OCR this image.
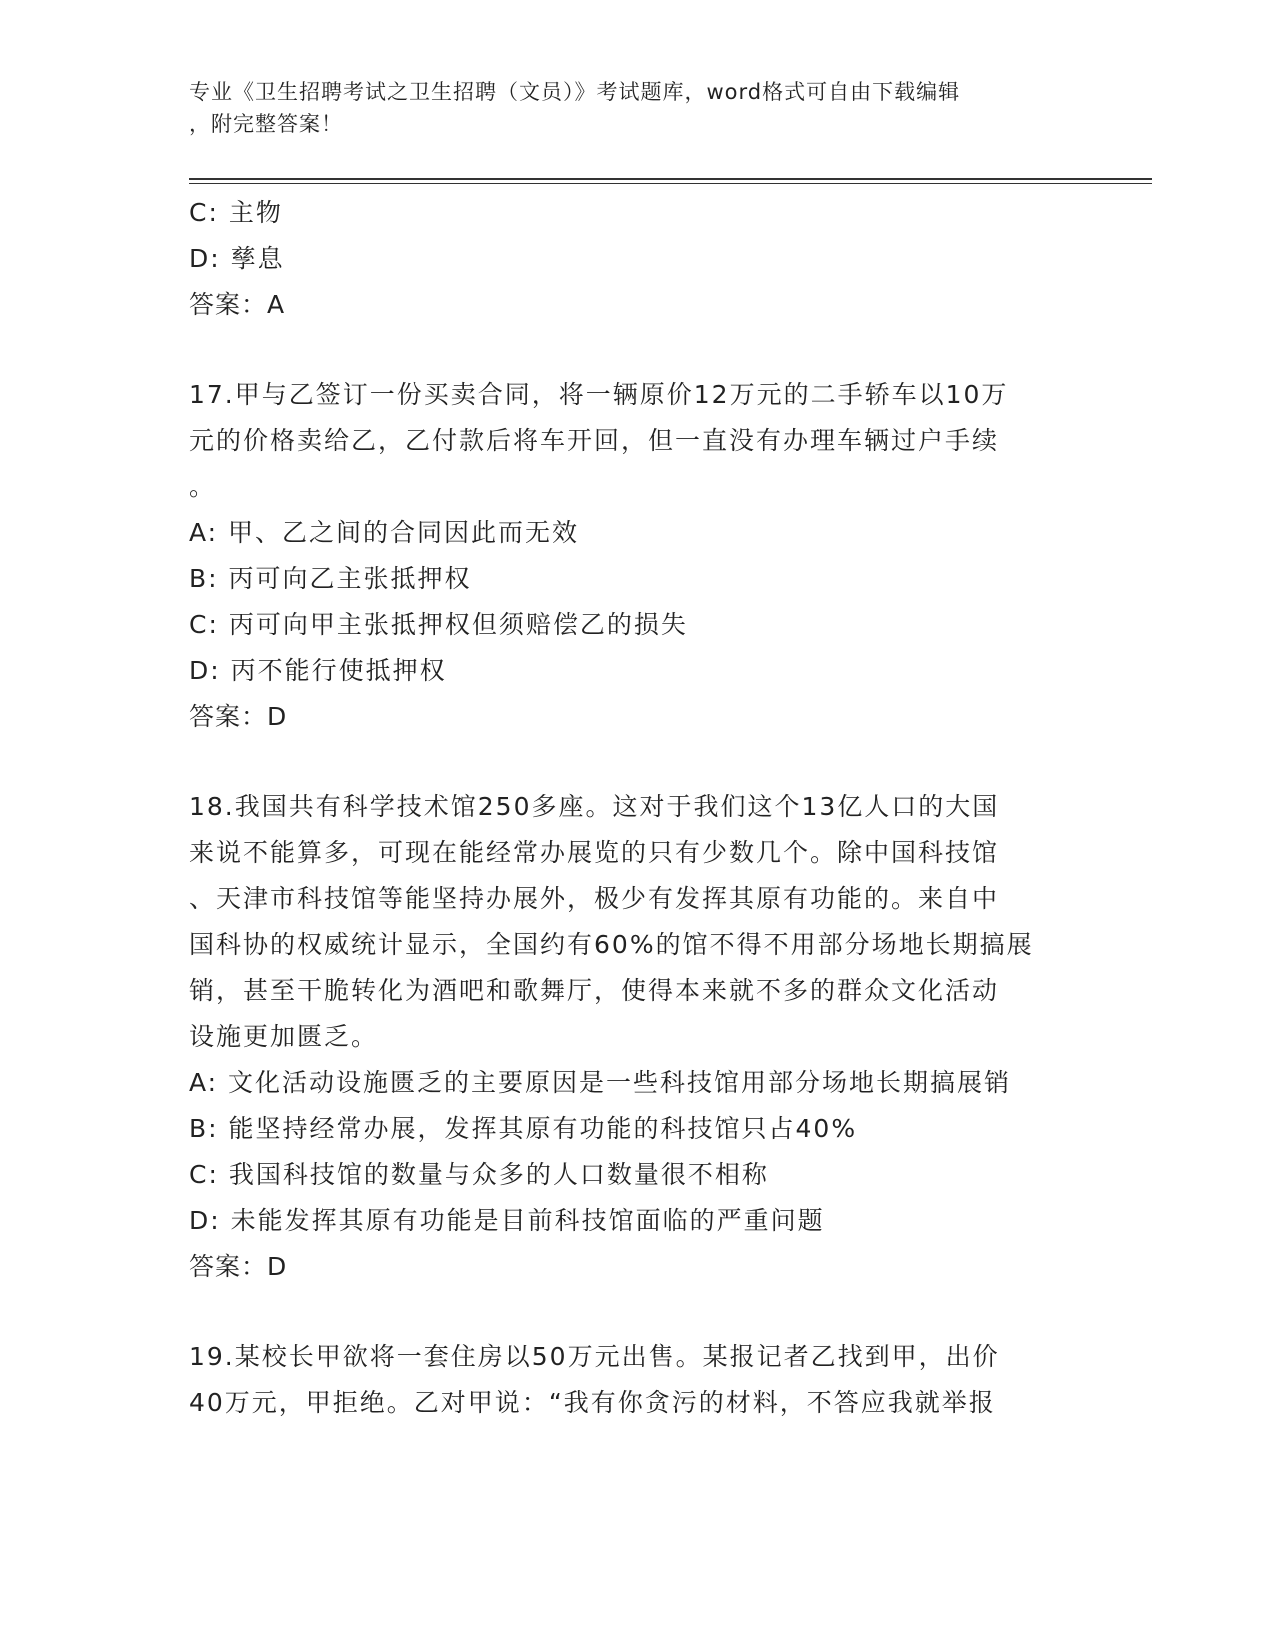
专业《卫生招聘考试之卫生招聘（文员）》考试题库，word格式可自由下载编辑
，附完整答案！
C: 主物
D: 孳息
答案：A
17.甲与乙签订一份买卖合同，将一辆原价12万元的二手轿车以10万
元的价格卖给乙，乙付款后将车开回，但一直没有办理车辆过户手续
。
A: 甲、乙之间的合同因此而无效
B: 丙可向乙主张抵押权
C: 丙可向甲主张抵押权但须赔偿乙的损失
D: 丙不能行使抵押权
答案：D
18.我国共有科学技术馆250多座。这对于我们这个13亿人口的大国
来说不能算多，可现在能经常办展览的只有少数几个。除中国科技馆
、天津市科技馆等能坚持办展外，极少有发挥其原有功能的。来自中
国科协的权威统计显示，全国约有60%的馆不得不用部分场地长期搞展
销，甚至干脆转化为酒吧和歌舞厅，使得本来就不多的群众文化活动
设施更加匮乏。
A: 文化活动设施匮乏的主要原因是一些科技馆用部分场地长期搞展销
B: 能坚持经常办展，发挥其原有功能的科技馆只占40%
C: 我国科技馆的数量与众多的人口数量很不相称
D: 未能发挥其原有功能是目前科技馆面临的严重问题
答案：D
19.某校长甲欲将一套住房以50万元出售。某报记者乙找到甲，出价
40万元，甲拒绝。乙对甲说：“我有你贪污的材料，不答应我就举报
